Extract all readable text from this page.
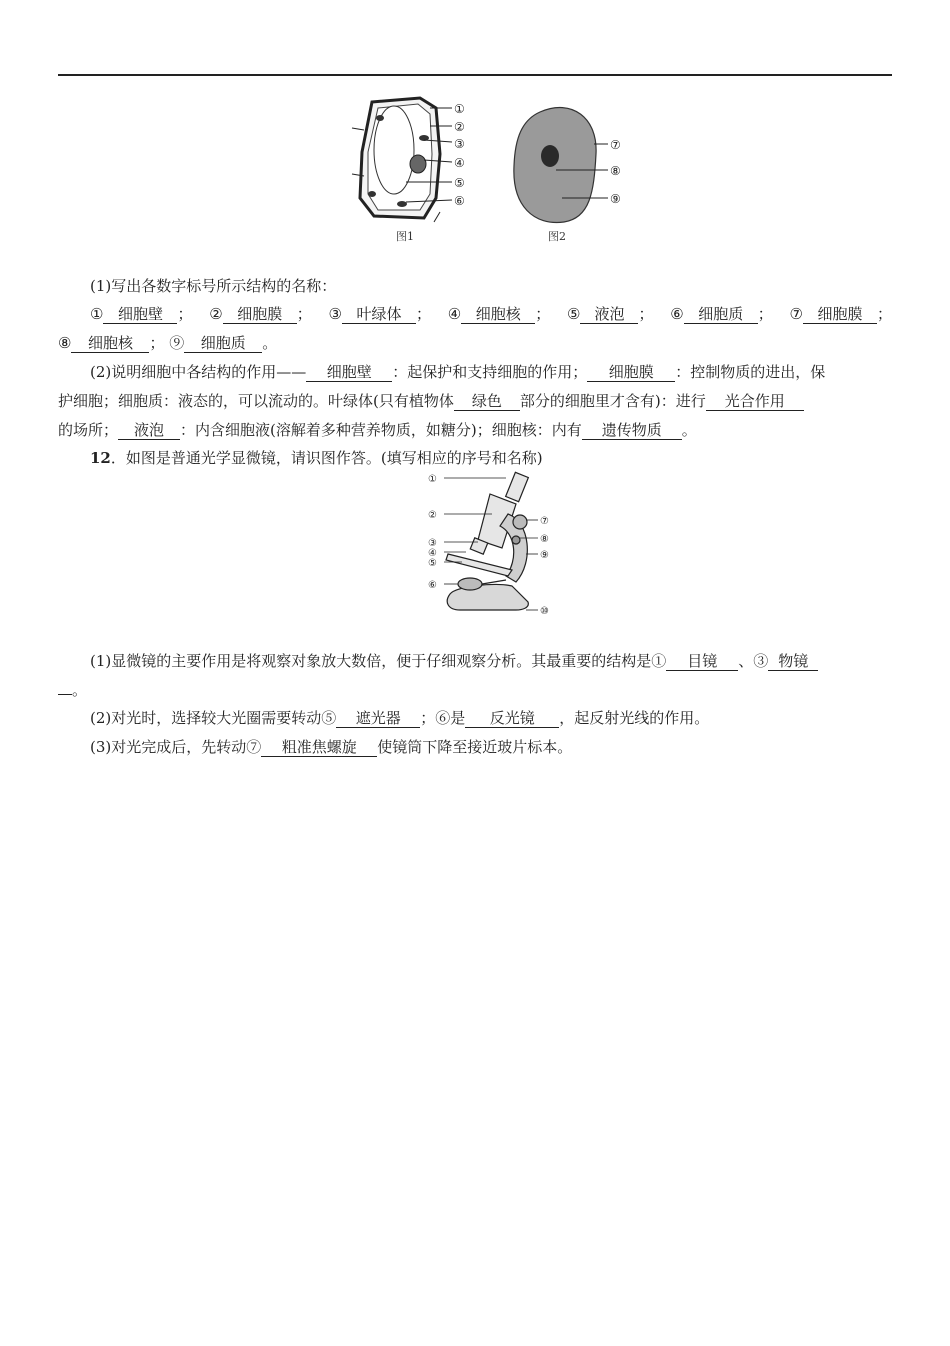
①
②
③
④
⑤
⑥
图1
⑦
⑧
⑨
图2
(1)写出各数字标号所示结构的名称：
① 细胞壁 ； ② 细胞膜 ； ③ 叶绿体 ； ④ 细胞核 ； ⑤ 液泡 ； ⑥ 细胞质 ； ⑦ 细胞膜 ；
⑧ 细胞核 ； ⑨ 细胞质 。
(2)说明细胞中各结构的作用—— 细胞壁 ：起保护和支持细胞的作用； 细胞膜 ：控制物质的进出，保
护细胞；细胞质：液态的，可以流动的。叶绿体(只有植物体 绿色 部分的细胞里才含有)：进行 光合作用
的场所； 液泡 ：内含细胞液(溶解着多种营养物质，如糖分)；细胞核：内有 遗传物质 。
12．如图是普通光学显微镜，请识图作答。(填写相应的序号和名称)
①
②
③
④
⑤
⑥
⑦
⑧
⑨
⑩
(1)显微镜的主要作用是将观察对象放大数倍，便于仔细观察分析。其最重要的结构是① 目镜 、③ 物镜
。
(2)对光时，选择较大光圈需要转动⑤ 遮光器 ；⑥是 反光镜 ，起反射光线的作用。
(3)对光完成后，先转动⑦ 粗准焦螺旋 使镜筒下降至接近玻片标本。
